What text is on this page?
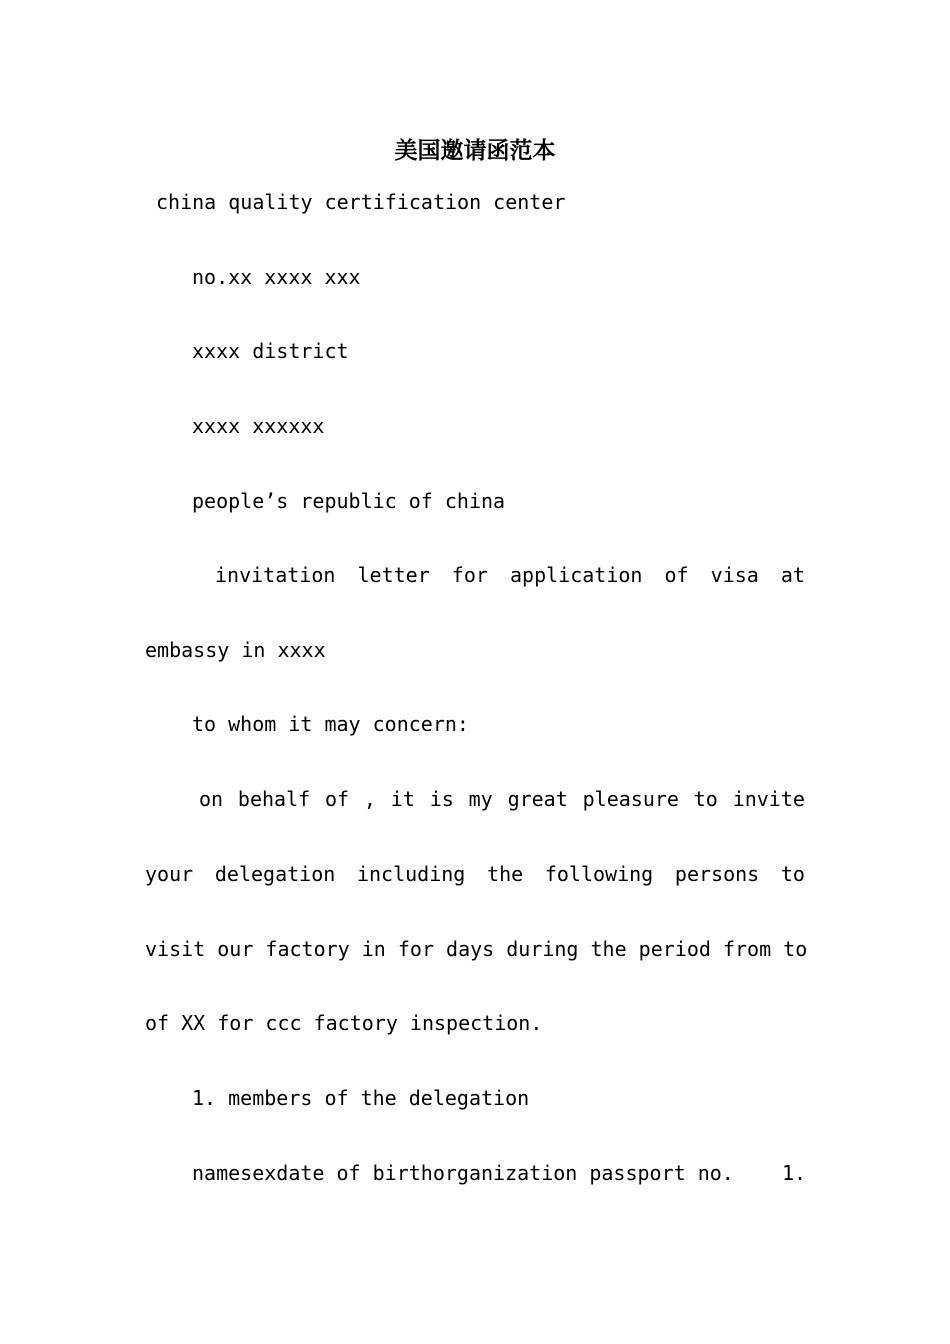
美国邀请函范本
china quality certification center
no.xx xxxx xxx
xxxx district
xxxx xxxxxx
people’s republic of china
invitation letter for application of visa at
embassy in xxxx
to whom it may concern:
on behalf of , it is my great pleasure to invite
your delegation including the following persons to
visit our factory in for days during the period from to
of XX for ccc factory inspection.
1. members of the delegation
namesexdate of birthorganization passport no. 1.
